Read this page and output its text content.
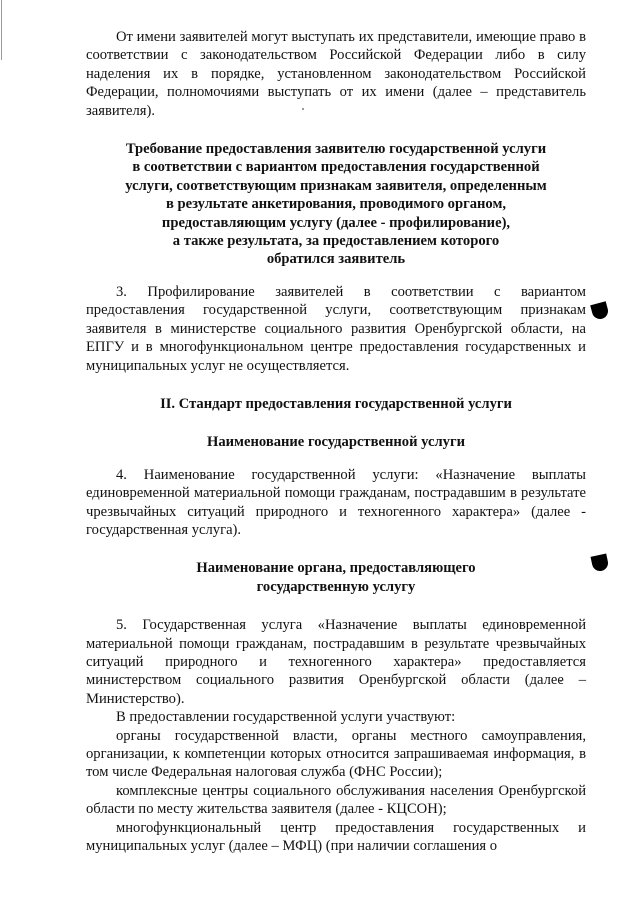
От имени заявителей могут выступать их представители, имеющие право в соответствии с законодательством Российской Федерации либо в силу наделения их в порядке, установленном законодательством Российской Федерации, полномочиями выступать от их имени (далее – представитель заявителя).

Требование предоставления заявителю государственной услуги

в соответствии с вариантом предоставления государственной

услуги, соответствующим признакам заявителя, определенным

в результате анкетирования, проводимого органом,

предоставляющим услугу (далее - профилирование),

а также результата, за предоставлением которого

обратился заявитель

3. Профилирование заявителей в соответствии с вариантом предоставления государственной услуги, соответствующим признакам заявителя в министерстве социального развития Оренбургской области, на ЕПГУ и в многофункциональном центре предоставления государственных и муниципальных услуг не осуществляется.

II. Стандарт предоставления государственной услуги

Наименование государственной услуги

4. Наименование государственной услуги: «Назначение выплаты единовременной материальной помощи гражданам, пострадавшим в результате чрезвычайных ситуаций природного и техногенного характера» (далее - государственная услуга).

Наименование органа, предоставляющего

государственную услугу

5. Государственная услуга «Назначение выплаты единовременной материальной помощи гражданам, пострадавшим в результате чрезвычайных ситуаций природного и техногенного характера» предоставляется министерством социального развития Оренбургской области (далее – Министерство).

В предоставлении государственной услуги участвуют:

органы государственной власти, органы местного самоуправления, организации, к компетенции которых относится запрашиваемая информация, в том числе Федеральная налоговая служба (ФНС России);

комплексные центры социального обслуживания населения Оренбургской области по месту жительства заявителя (далее - КЦСОН);

многофункциональный центр предоставления государственных и муниципальных услуг (далее – МФЦ) (при наличии соглашения о
